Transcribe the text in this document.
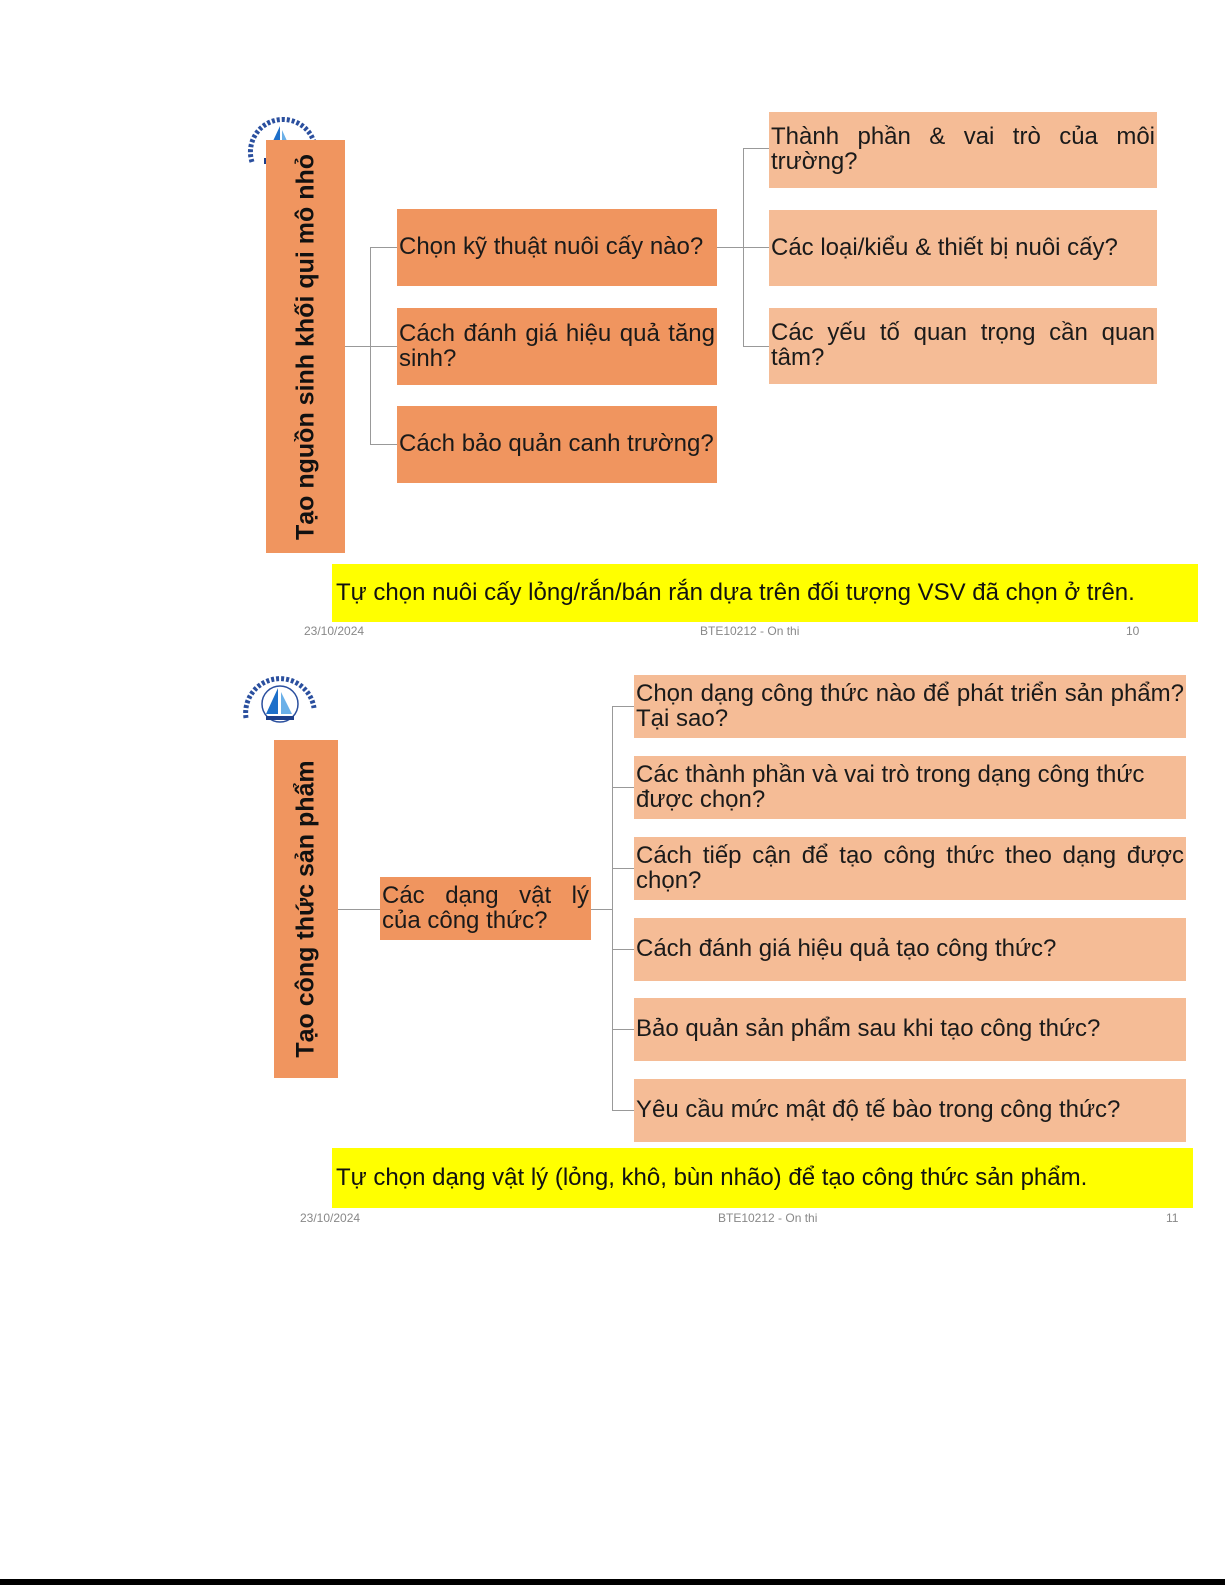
Tạo nguồn sinh khối qui mô nhỏ	Chọn kỹ thuật nuôi cấy nào?
Cách đánh giá hiệu quả tăng sinh?
Cách bảo quản canh trường?
Thành phần & vai trò của môi trường?
Các loại/kiểu & thiết bị nuôi cấy?
Các yếu tố quan trọng cần quan tâm?
Tự chọn nuôi cấy lỏng/rắn/bán rắn dựa trên đối tượng VSV đã chọn ở trên.
23/10/2024	BTE10212 - On thi	10
Tạo công thức sản phẩm	Các dạng vật lý của công thức?
Chọn dạng công thức nào để phát triển sản phẩm? Tại sao?
Các thành phần và vai trò trong dạng công thức được chọn?
Cách tiếp cận để tạo công thức theo dạng được chọn?
Cách đánh giá hiệu quả tạo công thức?
Bảo quản sản phẩm sau khi tạo công thức?
Yêu cầu mức mật độ tế bào trong công thức?
Tự chọn dạng vật lý (lỏng, khô, bùn nhão) để tạo công thức sản phẩm.
23/10/2024	BTE10212 - On thi	11
